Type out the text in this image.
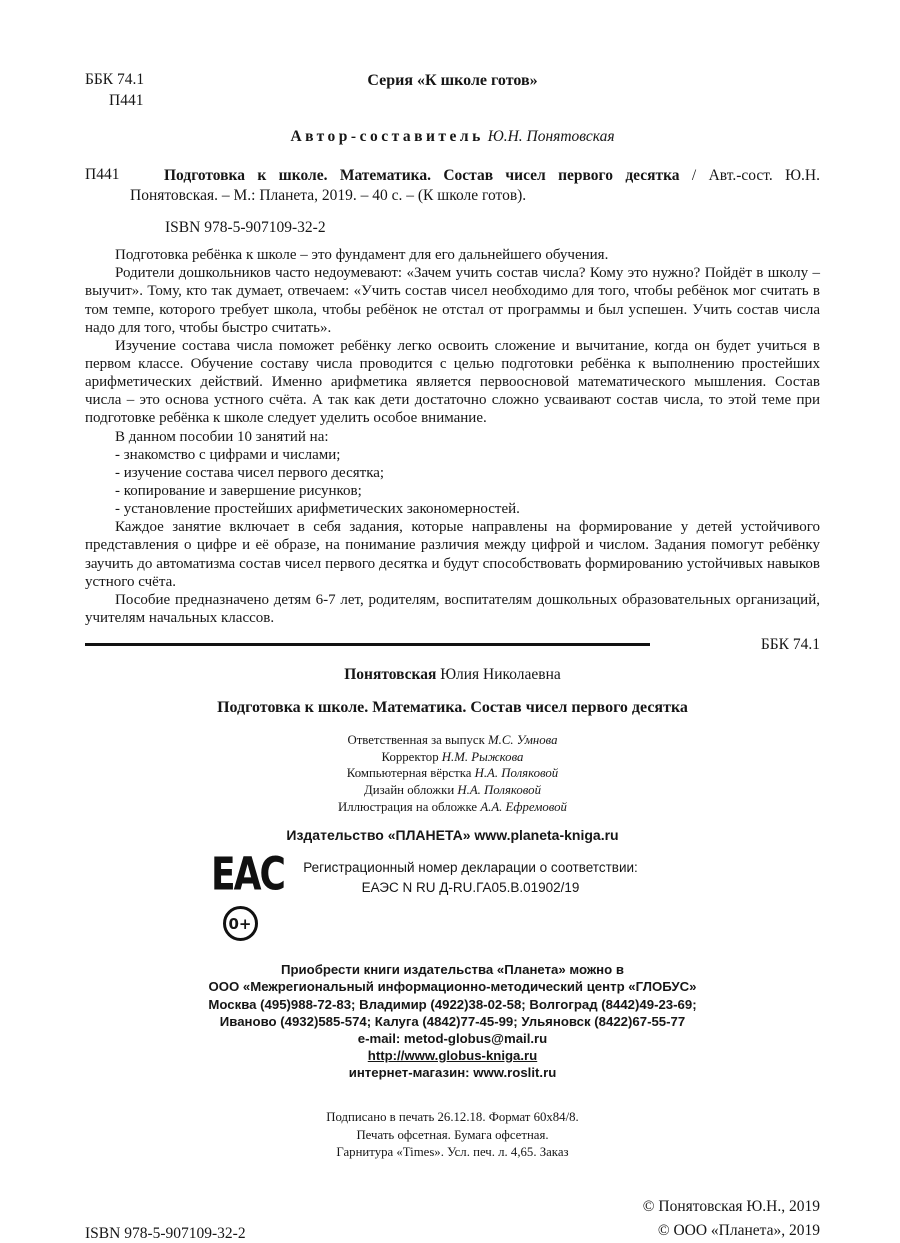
ББК 74.1
П441
Серия «К школе готов»
Автор-составитель Ю.Н. Понятовская
П441	Подготовка к школе. Математика. Состав чисел первого десятка / Авт.-сост. Ю.Н. Понятовская. – М.: Планета, 2019. – 40 с. – (К школе готов).

ISBN 978-5-907109-32-2

Подготовка ребёнка к школе – это фундамент для его дальнейшего обучения.

Родители дошкольников часто недоумевают: «Зачем учить состав числа? Кому это нужно? Пойдёт в школу – выучит». Тому, кто так думает, отвечаем: «Учить состав чисел необходимо для того, чтобы ребёнок мог считать в том темпе, которого требует школа, чтобы ребёнок не отстал от программы и был успешен. Учить состав числа надо для того, чтобы быстро считать».

Изучение состава числа поможет ребёнку легко освоить сложение и вычитание, когда он будет учиться в первом классе. Обучение составу числа проводится с целью подготовки ребёнка к выполнению простейших арифметических действий. Именно арифметика является первоосновой математического мышления. Состав числа – это основа устного счёта. А так как дети достаточно сложно усваивают состав числа, то этой теме при подготовке ребёнка к школе следует уделить особое внимание.

В данном пособии 10 занятий на:

- знакомство с цифрами и числами;

- изучение состава чисел первого десятка;

- копирование и завершение рисунков;

- установление простейших арифметических закономерностей.

Каждое занятие включает в себя задания, которые направлены на формирование у детей устойчивого представления о цифре и её образе, на понимание различия между цифрой и числом. Задания помогут ребёнку заучить до автоматизма состав чисел первого десятка и будут способствовать формированию устойчивых навыков устного счёта.

Пособие предназначено детям 6-7 лет, родителям, воспитателям дошкольных образовательных организаций, учителям начальных классов.

ББК 74.1
Понятовская Юлия Николаевна
Подготовка к школе. Математика. Состав чисел первого десятка
Ответственная за выпуск М.С. Умнова
Корректор Н.М. Рыжкова
Компьютерная вёрстка Н.А. Поляковой
Дизайн обложки Н.А. Поляковой
Иллюстрация на обложке А.А. Ефремовой
Издательство «ПЛАНЕТА» www.planeta-kniga.ru
ЕАС
0+
Регистрационный номер декларации о соответствии:
ЕАЭС N RU Д-RU.ГА05.В.01902/19
Приобрести книги издательства «Планета» можно в
ООО «Межрегиональный информационно-методический центр «ГЛОБУС»
Москва (495)988-72-83; Владимир (4922)38-02-58; Волгоград (8442)49-23-69;
Иваново (4932)585-574; Калуга (4842)77-45-99; Ульяновск (8422)67-55-77
e-mail: metod-globus@mail.ru
http://www.globus-kniga.ru
интернет-магазин: www.roslit.ru
Подписано в печать 26.12.18. Формат 60х84/8.
Печать офсетная. Бумага офсетная.
Гарнитура «Times». Усл. печ. л. 4,65. Заказ
ISBN 978-5-907109-32-2
© Понятовская Ю.Н., 2019
© ООО «Планета», 2019
